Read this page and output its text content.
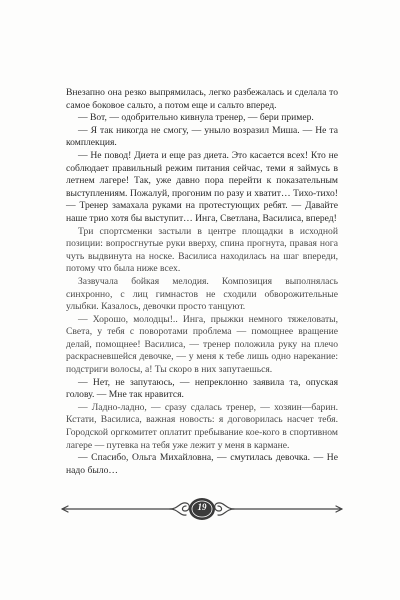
Внезапно она резко выпрямилась, легко разбежалась и сделала то самое боковое сальто, а потом еще и сальто вперед.

— Вот, — одобрительно кивнула тренер, — бери пример.

— Я так никогда не смогу, — уныло возразил Миша. — Не та комплекция.

— Не повод! Диета и еще раз диета. Это касается всех! Кто не соблюдает правильный режим питания сейчас, теми я займусь в летнем лагере! Так, уже давно пора перейти к показательным выступлениям. Пожалуй, прогоним по разу и хватит… Тихо-тихо! — Тренер замахала руками на протестующих ребят. — Давайте наше трио хотя бы выступит… Инга, Светлана, Василиса, вперед!

Три спортсменки застыли в центре площадки в исходной позиции: вопросгнутые руки вверху, спина прогнута, правая нога чуть выдвинута на носке. Василиса находилась на шаг впереди, потому что была ниже всех.

Зазвучала бойкая мелодия. Композиция выполнялась синхронно, с лиц гимнастов не сходили обворожительные улыбки. Казалось, девочки просто танцуют.

— Хорошо, молодцы!.. Инга, прыжки немного тяжеловаты, Света, у тебя с поворотами проблема — помощнее вращение делай, помощнее! Василиса, — тренер положила руку на плечо раскрасневшейся девочке, — у меня к тебе лишь одно нарекание: подстриги волосы, а! Ты скоро в них запутаешься.

— Нет, не запутаюсь, — непреклонно заявила та, опуская голову. — Мне так нравится.

— Ладно-ладно, — сразу сдалась тренер, — хозяин—барин. Кстати, Василиса, важная новость: я договорилась насчет тебя. Городской оргкомитет оплатит пребывание кое-кого в спортивном лагере — путевка на тебя уже лежит у меня в кармане.

— Спасибо, Ольга Михайловна, — смутилась девочка. — Не надо было…

19
